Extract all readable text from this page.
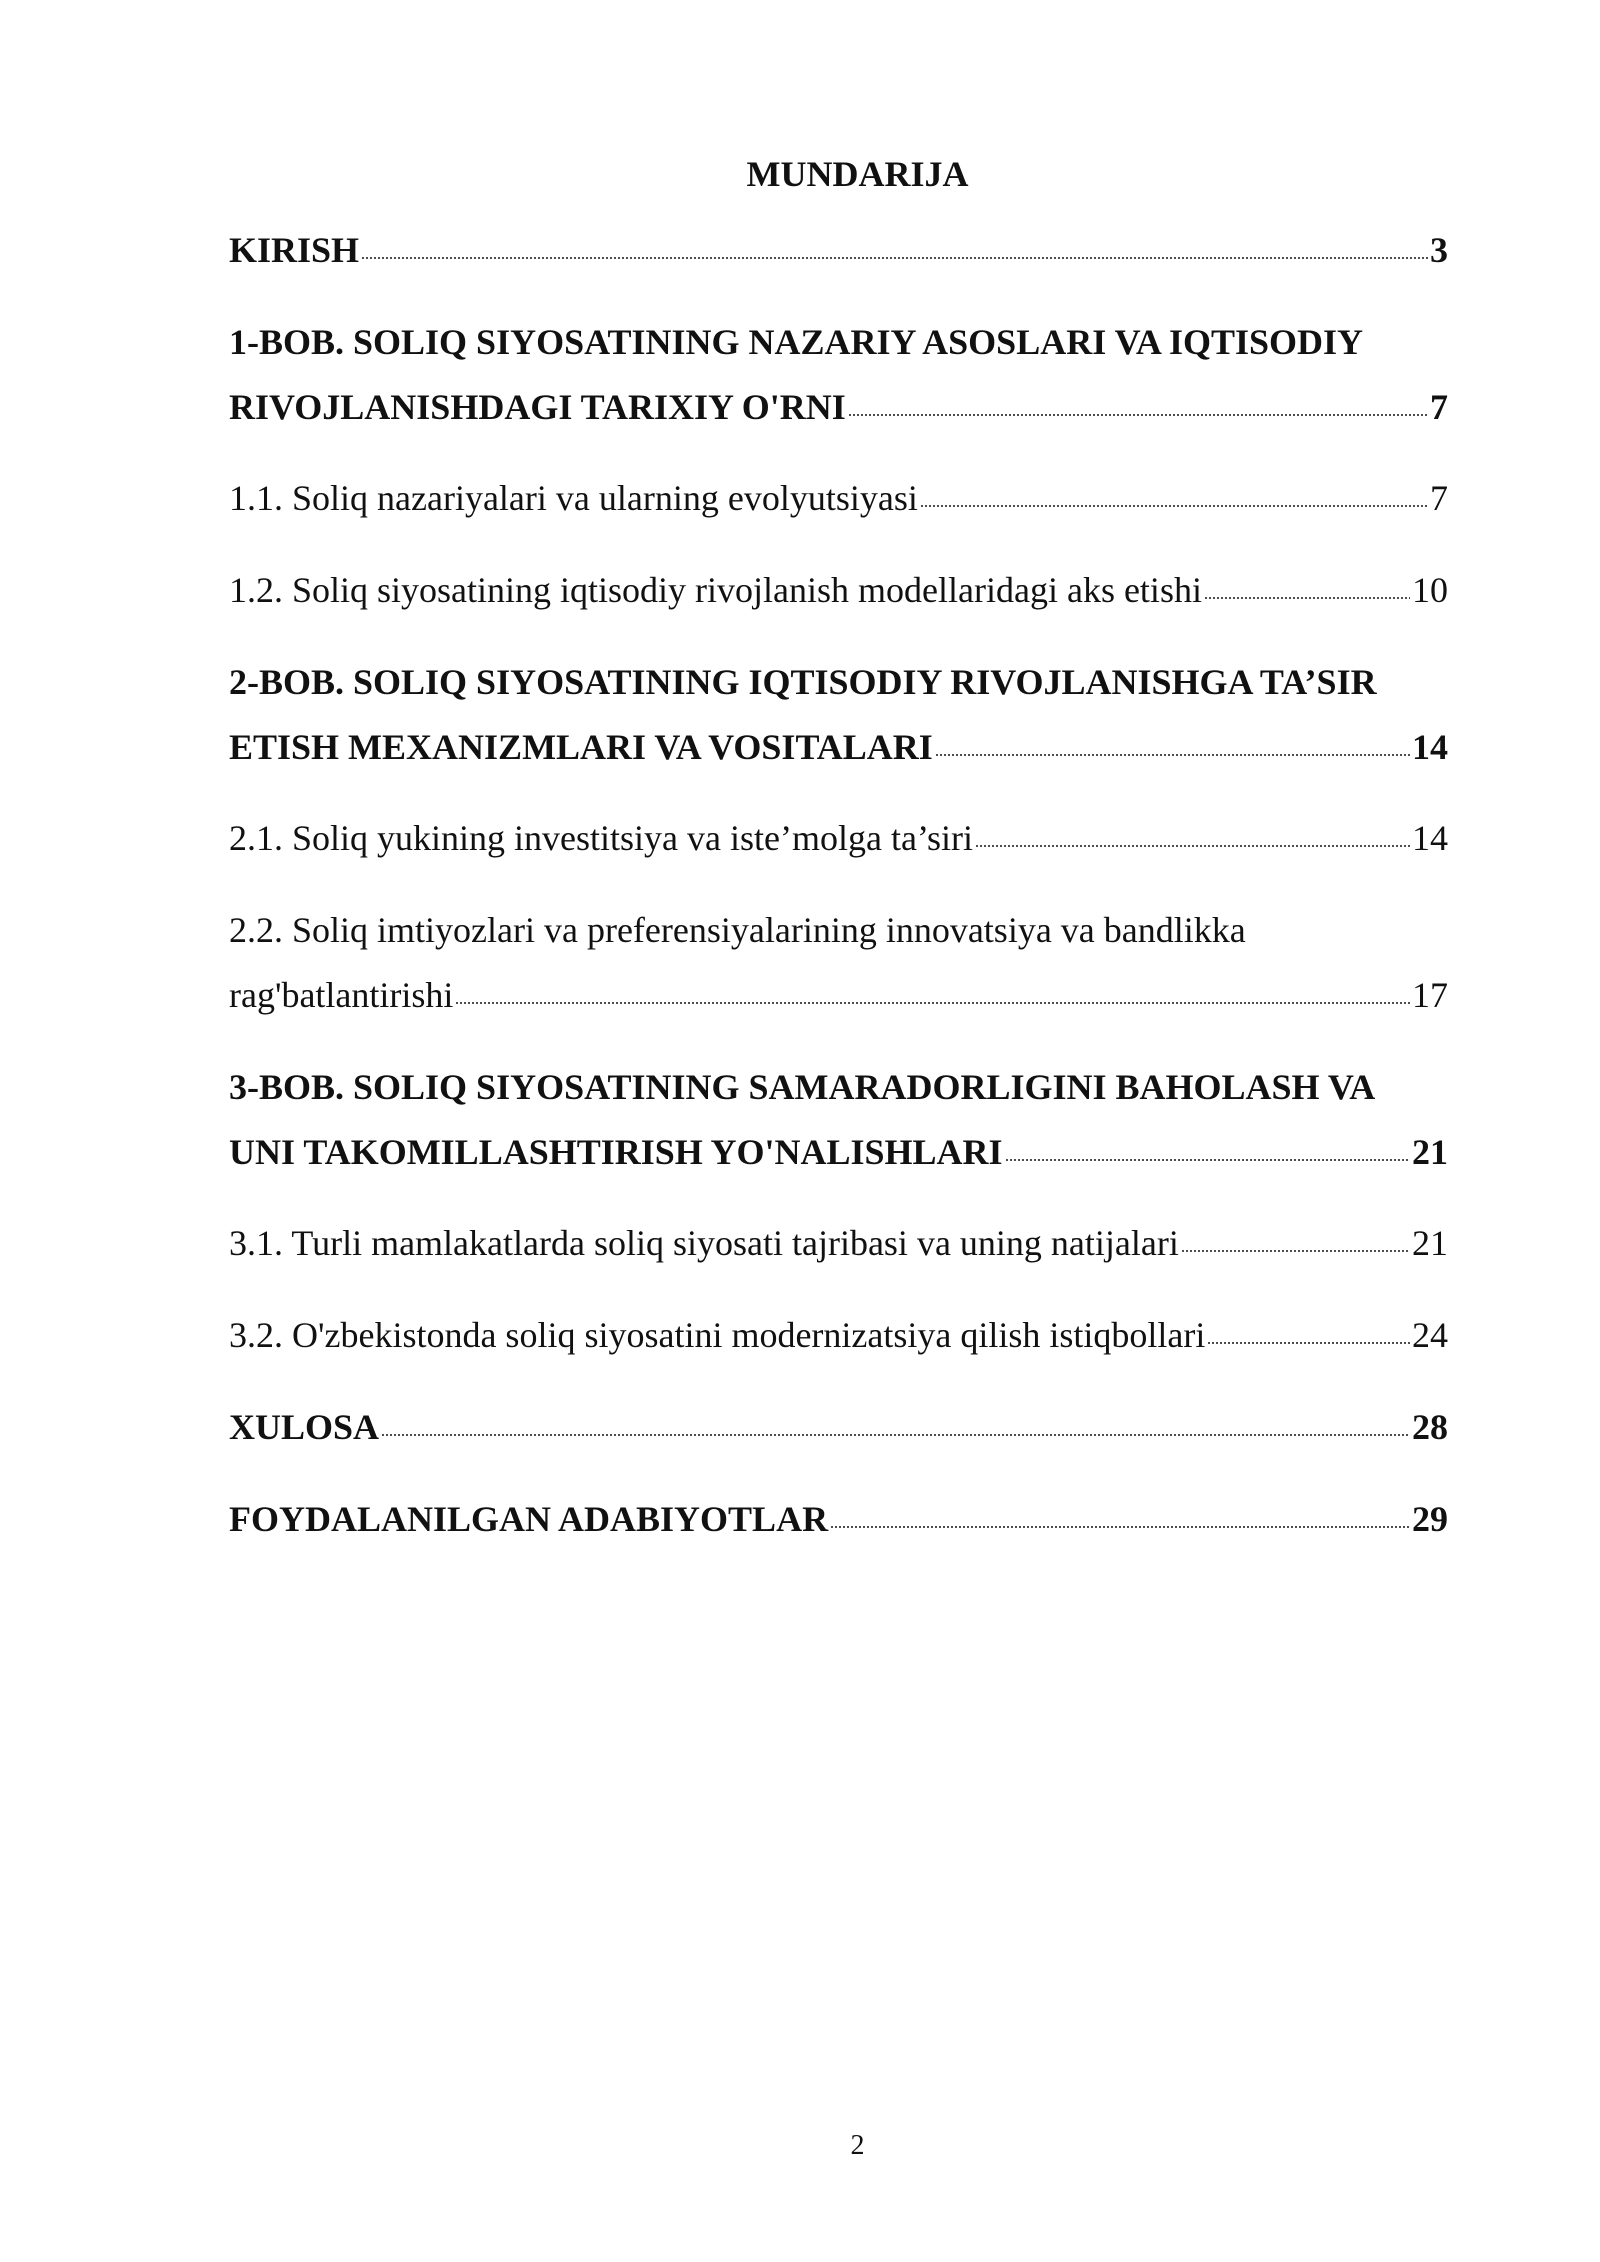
MUNDARIJA
KIRISH	3
1-BOB. SOLIQ SIYOSATINING NAZARIY ASOSLARI VA IQTISODIY
RIVOJLANISHDAGI TARIXIY O'RNI	7
1.1. Soliq nazariyalari va ularning evolyutsiyasi	7
1.2. Soliq siyosatining iqtisodiy rivojlanish modellaridagi aks etishi	10
2-BOB. SOLIQ SIYOSATINING IQTISODIY RIVOJLANISHGA TA’SIR
ETISH MEXANIZMLARI VA VOSITALARI	14
2.1. Soliq yukining investitsiya va iste’molga ta’siri	14
2.2. Soliq imtiyozlari va preferensiyalarining innovatsiya va bandlikka
rag'batlantirishi	17
3-BOB. SOLIQ SIYOSATINING SAMARADORLIGINI BAHOLASH VA
UNI TAKOMILLASHTIRISH YO'NALISHLARI	21
3.1. Turli mamlakatlarda soliq siyosati tajribasi va uning natijalari	21
3.2. O'zbekistonda soliq siyosatini modernizatsiya qilish istiqbollari	24
XULOSA	28
FOYDALANILGAN ADABIYOTLAR	29
2
